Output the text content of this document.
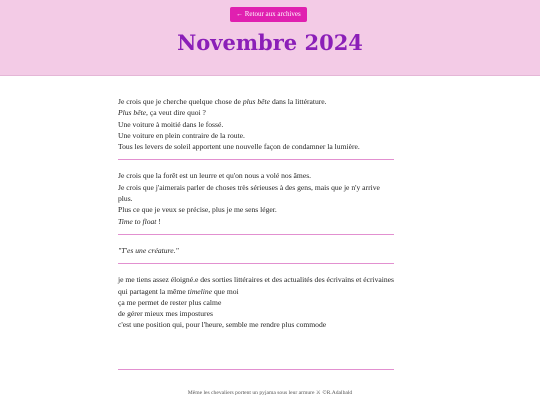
← Retour aux archives
Novembre 2024

Je crois que je cherche quelque chose de plus bête dans la littérature.

Plus bête, ça veut dire quoi ?

Une voiture à moitié dans le fossé.

Une voiture en plein contraire de la route.

Tous les levers de soleil apportent une nouvelle façon de condamner la lumière.

Je crois que la forêt est un leurre et qu'on nous a volé nos âmes.

Je crois que j'aimerais parler de choses très sérieuses à des gens, mais que je n'y arrive plus.

Plus ce que je veux se précise, plus je me sens léger.

Time to float !

"T'es une créature."

je me tiens assez éloigné.e des sorties littéraires et des actualités des écrivains et écrivaines qui partagent la même timeline que moi

ça me permet de rester plus calme

de gérer mieux mes impostures

c'est une position qui, pour l'heure, semble me rendre plus commode

Même les chevaliers portent un pyjama sous leur armure ⚔ ©R.Adalbald
